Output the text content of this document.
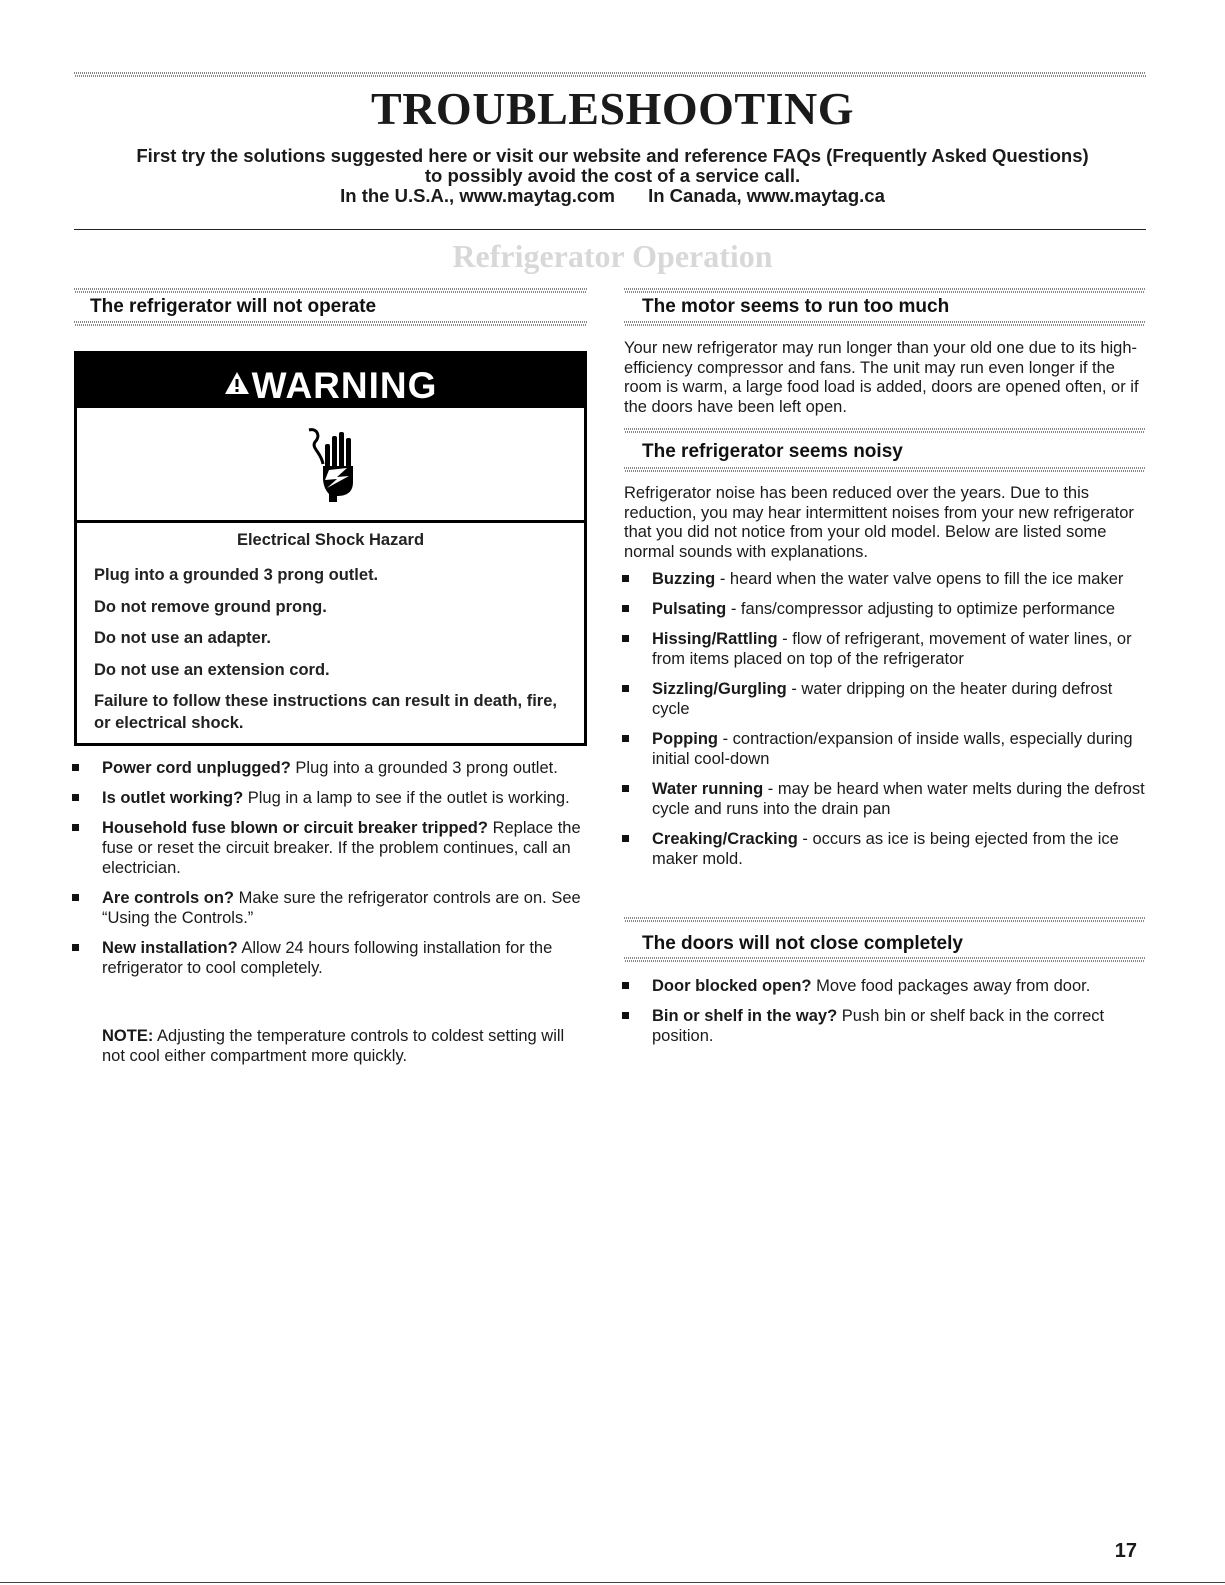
TROUBLESHOOTING
First try the solutions suggested here or visit our website and reference FAQs (Frequently Asked Questions)
to possibly avoid the cost of a service call.
In the U.S.A., www.maytag.com In Canada, www.maytag.ca
Refrigerator Operation
The refrigerator will not operate
WARNING

Electrical Shock Hazard

Plug into a grounded 3 prong outlet.
Do not remove ground prong.
Do not use an adapter.
Do not use an extension cord.
Failure to follow these instructions can result in death, fire, or electrical shock.
Power cord unplugged? Plug into a grounded 3 prong outlet.
Is outlet working? Plug in a lamp to see if the outlet is working.
Household fuse blown or circuit breaker tripped? Replace the fuse or reset the circuit breaker. If the problem continues, call an electrician.
Are controls on? Make sure the refrigerator controls are on. See “Using the Controls.”
New installation? Allow 24 hours following installation for the refrigerator to cool completely.

NOTE: Adjusting the temperature controls to coldest setting will not cool either compartment more quickly.

The motor seems to run too much

Your new refrigerator may run longer than your old one due to its high-efficiency compressor and fans. The unit may run even longer if the room is warm, a large food load is added, doors are opened often, or if the doors have been left open.

The refrigerator seems noisy

Refrigerator noise has been reduced over the years. Due to this reduction, you may hear intermittent noises from your new refrigerator that you did not notice from your old model. Below are listed some normal sounds with explanations.

Buzzing - heard when the water valve opens to fill the ice maker
Pulsating - fans/compressor adjusting to optimize performance
Hissing/Rattling - flow of refrigerant, movement of water lines, or from items placed on top of the refrigerator
Sizzling/Gurgling - water dripping on the heater during defrost cycle
Popping - contraction/expansion of inside walls, especially during initial cool-down
Water running - may be heard when water melts during the defrost cycle and runs into the drain pan
Creaking/Cracking - occurs as ice is being ejected from the ice maker mold.
The doors will not close completely
Door blocked open? Move food packages away from door.
Bin or shelf in the way? Push bin or shelf back in the correct position.

17
